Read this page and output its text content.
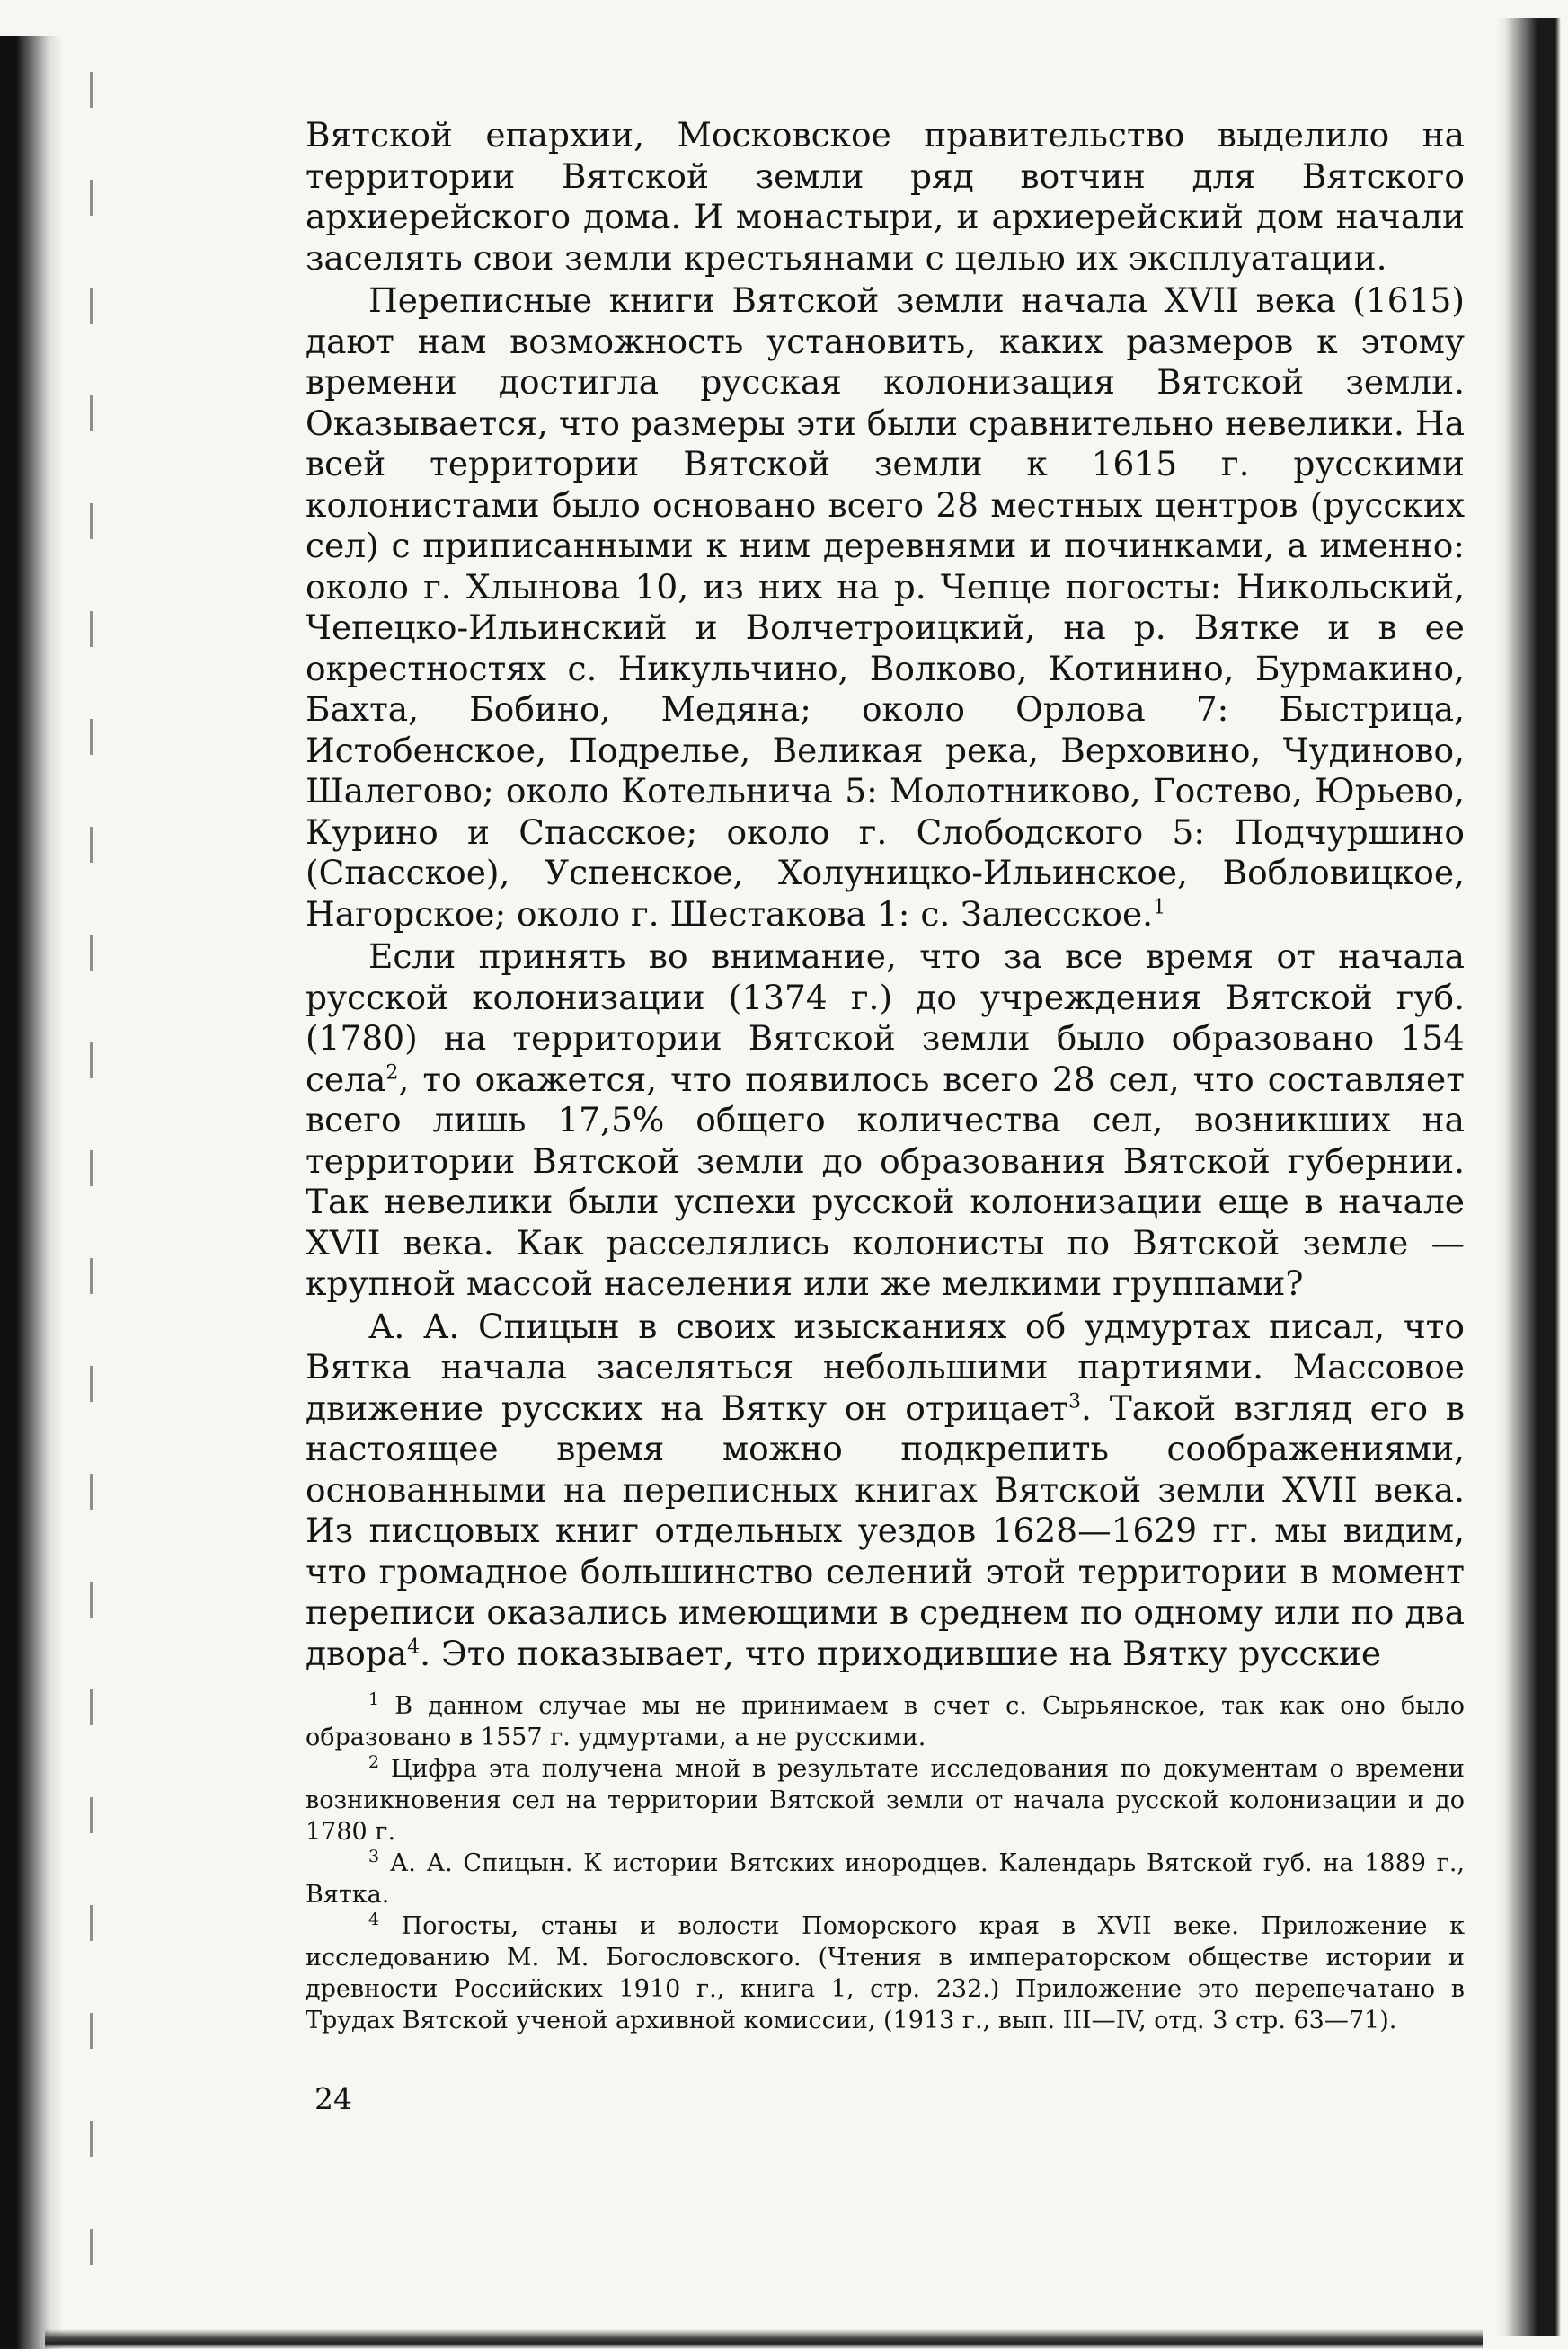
Вятской епархии, Московское правительство выделило на территории Вятской земли ряд вотчин для Вятского архиерейского дома. И монастыри, и архиерейский дом начали заселять свои земли крестьянами с целью их эксплуатации.

Переписные книги Вятской земли начала XVII века (1615) дают нам возможность установить, каких размеров к этому времени достигла русская колонизация Вятской земли. Оказывается, что размеры эти были сравнительно невелики. На всей территории Вятской земли к 1615 г. русскими колонистами было основано всего 28 местных центров (русских сел) с приписанными к ним деревнями и починками, а именно: около г. Хлынова 10, из них на р. Чепце погосты: Никольский, Чепецко-Ильинский и Волчетроицкий, на р. Вятке и в ее окрестностях с. Никульчино, Волково, Котинино, Бурмакино, Бахта, Бобино, Медяна; около Орлова 7: Быстрица, Истобенское, Подрелье, Великая река, Верховино, Чудиново, Шалегово; около Котельнича 5: Молотниково, Гостево, Юрьево, Курино и Спасское; около г. Слободского 5: Подчуршино (Спасское), Успенское, Холуницко-Ильинское, Вобловицкое, Нагорское; около г. Шестакова 1: с. Залесское.$^1$

Если принять во внимание, что за все время от начала русской колонизации (1374 г.) до учреждения Вятской губ. (1780) на территории Вятской земли было образовано 154 села$^2$, то окажется, что появилось всего 28 сел, что составляет всего лишь 17,5% общего количества сел, возникших на территории Вятской земли до образования Вятской губернии. Так невелики были успехи русской колонизации еще в начале XVII века. Как расселялись колонисты по Вятской земле — крупной массой населения или же мелкими группами?

А. А. Спицын в своих изысканиях об удмуртах писал, что Вятка начала заселяться небольшими партиями. Массовое движение русских на Вятку он отрицает$^3$. Такой взгляд его в настоящее время можно подкрепить соображениями, основанными на переписных книгах Вятской земли XVII века. Из писцовых книг отдельных уездов 1628—1629 гг. мы видим, что громадное большинство селений этой территории в момент переписи оказались имеющими в среднем по одному или по два двора$^4$. Это показывает, что приходившие на Вятку русские

$^1$ В данном случае мы не принимаем в счет с. Сырьянское, так как оно было образовано в 1557 г. удмуртами, а не русскими.

$^2$ Цифра эта получена мной в результате исследования по документам о времени возникновения сел на территории Вятской земли от начала русской колонизации и до 1780 г.

$^3$ А. А. Спицын. К истории Вятских инородцев. Календарь Вятской губ. на 1889 г., Вятка.

$^4$ Погосты, станы и волости Поморского края в XVII веке. Приложение к исследованию М. М. Богословского. (Чтения в императорском обществе истории и древности Российских 1910 г., книга 1, стр. 232.) Приложение это перепечатано в Трудах Вятской ученой архивной комиссии, (1913 г., вып. III—IV, отд. 3 стр. 63—71).

24
